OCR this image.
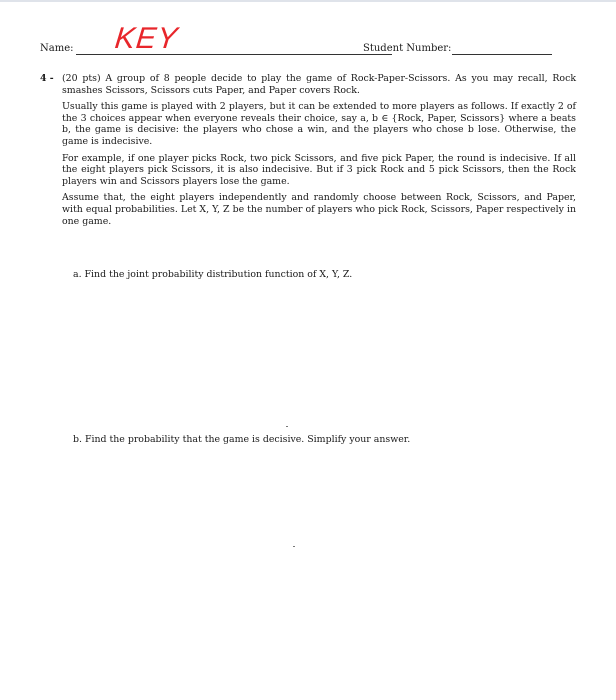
Name: KEY	Student Number:
4 - (20 pts) A group of 8 people decide to play the game of Rock-Paper-Scissors. As you may recall, Rock smashes Scissors, Scissors cuts Paper, and Paper covers Rock.

Usually this game is played with 2 players, but it can be extended to more players as follows. If exactly 2 of the 3 choices appear when everyone reveals their choice, say a, b ∈ {Rock, Paper, Scissors} where a beats b, the game is decisive: the players who chose a win, and the players who chose b lose. Otherwise, the game is indecisive.

For example, if one player picks Rock, two pick Scissors, and five pick Paper, the round is indecisive. If all the eight players pick Scissors, it is also indecisive. But if 3 pick Rock and 5 pick Scissors, then the Rock players win and Scissors players lose the game.

Assume that, the eight players independently and randomly choose between Rock, Scissors, and Paper, with equal probabilities. Let X, Y, Z be the number of players who pick Rock, Scissors, Paper respectively in one game.

a. Find the joint probability distribution function of X, Y, Z.
b. Find the probability that the game is decisive. Simplify your answer.
